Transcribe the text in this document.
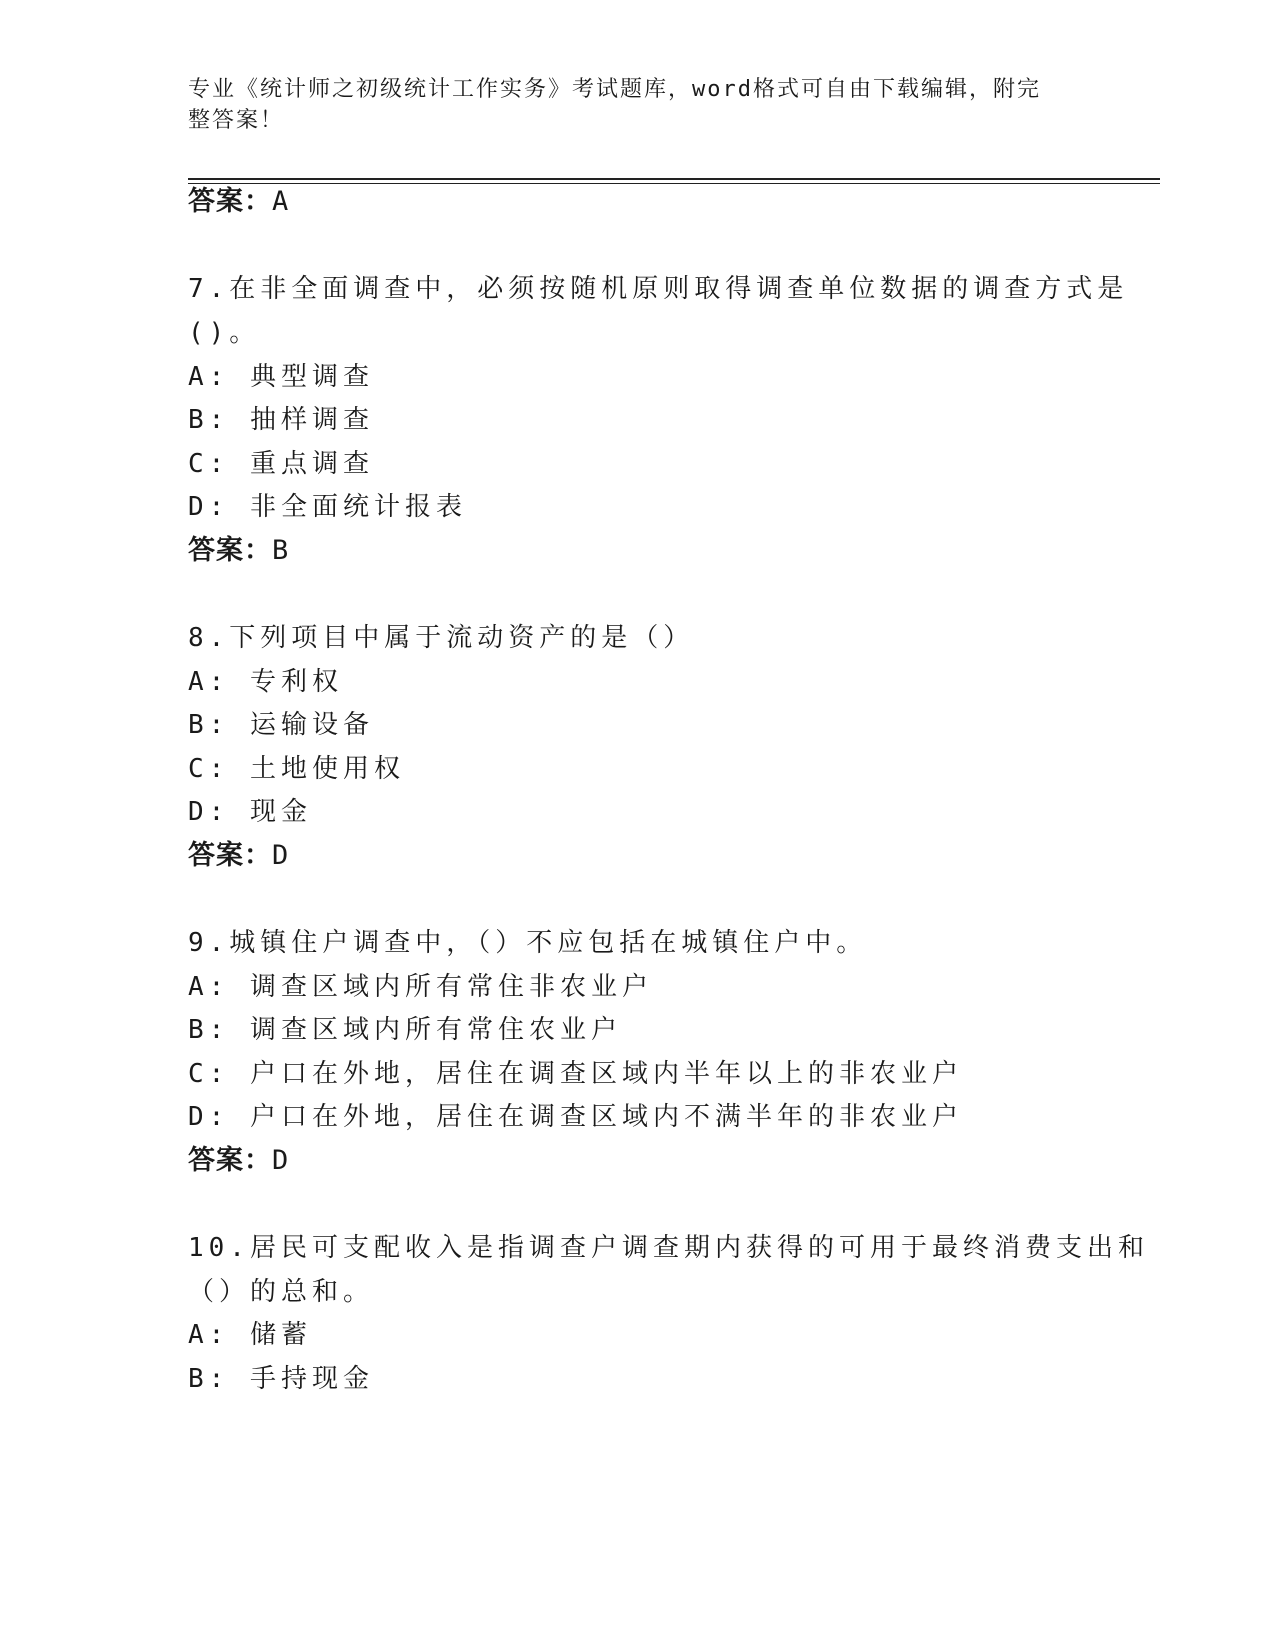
专业《统计师之初级统计工作实务》考试题库，word格式可自由下载编辑，附完
整答案！
答案：A
7.在非全面调查中，必须按随机原则取得调查单位数据的调查方式是
()。
A: 典型调查
B: 抽样调查
C: 重点调查
D: 非全面统计报表
答案：B
8.下列项目中属于流动资产的是（）
A: 专利权
B: 运输设备
C: 土地使用权
D: 现金
答案：D
9.城镇住户调查中，（）不应包括在城镇住户中。
A: 调查区域内所有常住非农业户
B: 调查区域内所有常住农业户
C: 户口在外地，居住在调查区域内半年以上的非农业户
D: 户口在外地，居住在调查区域内不满半年的非农业户
答案：D
10.居民可支配收入是指调查户调查期内获得的可用于最终消费支出和
（）的总和。
A: 储蓄
B: 手持现金
